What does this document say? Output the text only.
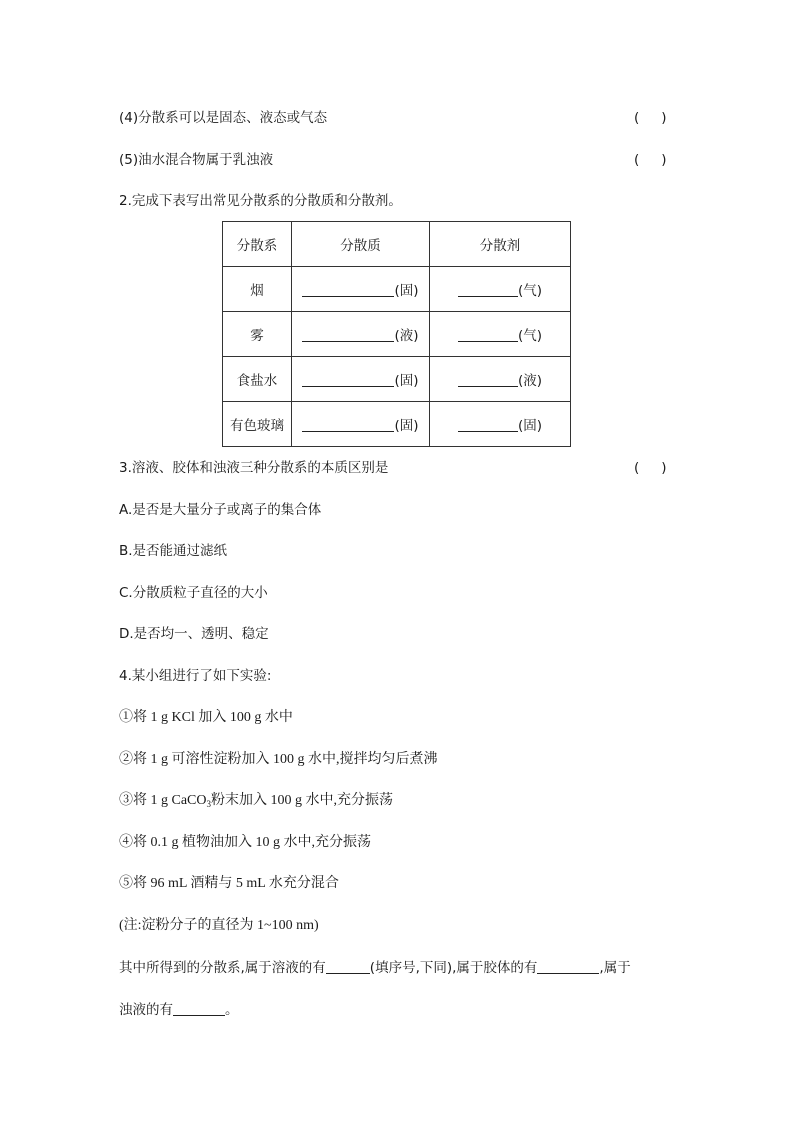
(4)分散系可以是固态、液态或气态	( )
(5)油水混合物属于乳浊液	( )
2.完成下表写出常见分散系的分散质和分散剂。
分散系	分散质	分散剂
烟	(固)	(气)
雾	(液)	(气)
食盐水	(固)	(液)
有色玻璃	(固)	(固)
3.溶液、胶体和浊液三种分散系的本质区别是	( )
A.是否是大量分子或离子的集合体
B.是否能通过滤纸
C.分散质粒子直径的大小
D.是否均一、透明、稳定
4.某小组进行了如下实验:
①将 1 g KCl 加入 100 g 水中
②将 1 g 可溶性淀粉加入 100 g 水中,搅拌均匀后煮沸
③将 1 g CaCO$_3$粉末加入 100 g 水中,充分振荡
④将 0.1 g 植物油加入 10 g 水中,充分振荡
⑤将 96 mL 酒精与 5 mL 水充分混合
(注:淀粉分子的直径为 1~100 nm)
其中所得到的分散系,属于溶液的有	(填序号,下同),属于胶体的有	,属于
浊液的有	。
